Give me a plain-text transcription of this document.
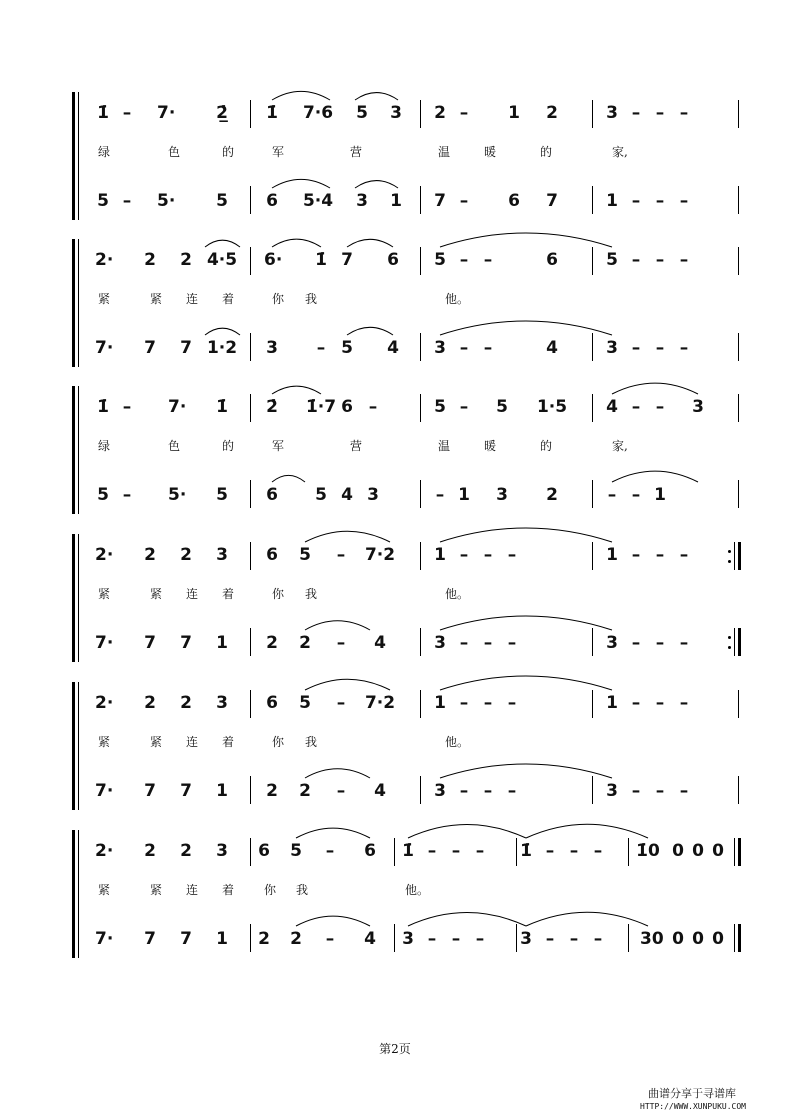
1̇ – 7·	2̲̇	1̇ 7·6 5 3 2 – 1 2	3 – – –
5 – 5· 5 6 5·4 3 1 7 – 6 7	1 – – –
绿	色	的	军	营	温	暖	的	家,
2· 2 2 4·5 6· 1̇ 7 6 5 – –	6	5 – – –
7· 7 7 1·2 3 – 5 4 3 – –	4	3 – – –
紧	紧 连 着	你 我	他。
1̇ – 7· 1̇ 2̇ 1̇·7 6 –	5 – 5 1·5 4 – – 3
5 – 5· 5 6 5 4 3	– 1 3 2	– – 1
绿	色	的	军	营	温	暖	的	家,
2· 2 2 3 6 5 – 7·2 1 – – –	1 – – –
7· 7 7 1 2 2 – 4	3 – – –	3 – – –
紧	紧 连 着	你 我	他。
2· 2 2 3 6 5 – 7·2 1 – – –	1 – – –
7· 7 7 1 2 2 – 4	3 – – –	3 – – –
紧	紧 连 着	你 我	他。
2· 2 2 3 6 5 – 6 1̇ – – – 1̇ – – –	1̇0 0 0 0
7· 7 7 1 2 2 – 4 3 – – – 3 – – – 30 0 0 0
紧	紧 连 着 你 我	他。
第2页
曲谱分享于寻谱库
HTTP://WWW.XUNPUKU.COM
